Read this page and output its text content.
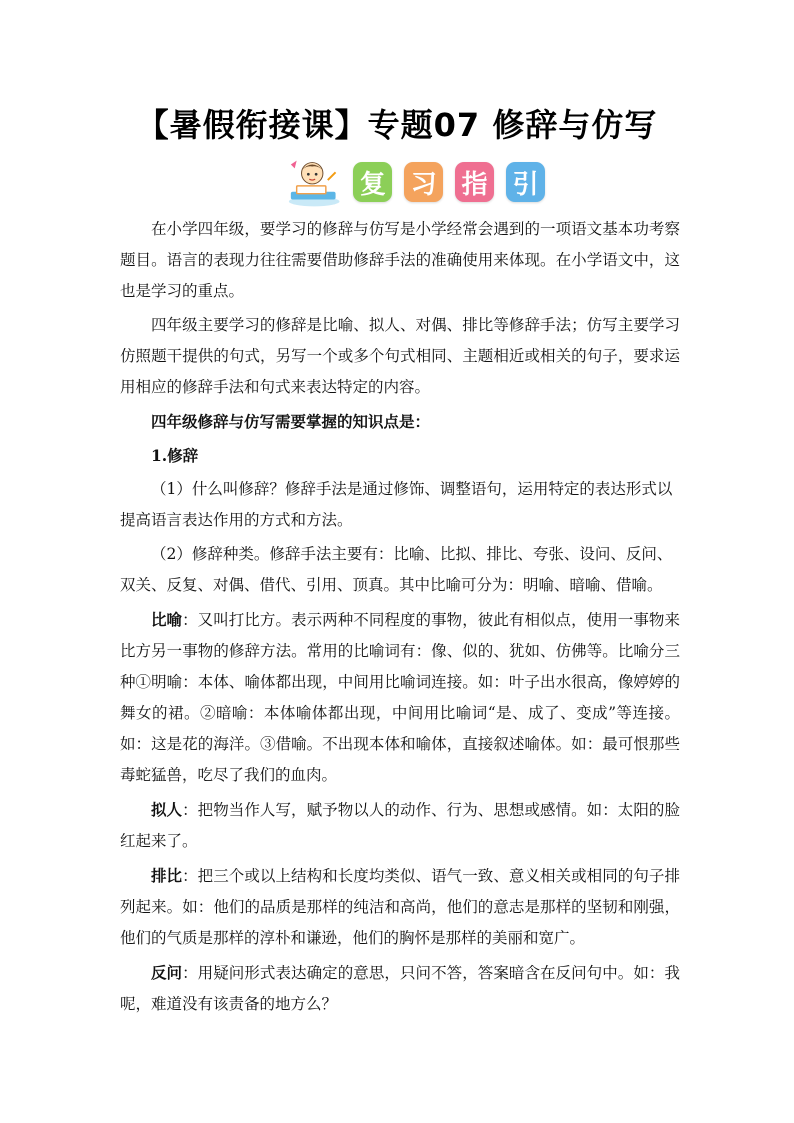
【暑假衔接课】专题07 修辞与仿写
复 习 指 引

在小学四年级，要学习的修辞与仿写是小学经常会遇到的一项语文基本功考察题目。语言的表现力往往需要借助修辞手法的准确使用来体现。在小学语文中，这也是学习的重点。

四年级主要学习的修辞是比喻、拟人、对偶、排比等修辞手法；仿写主要学习仿照题干提供的句式，另写一个或多个句式相同、主题相近或相关的句子，要求运用相应的修辞手法和句式来表达特定的内容。

四年级修辞与仿写需要掌握的知识点是：

1.修辞

（1）什么叫修辞？修辞手法是通过修饰、调整语句，运用特定的表达形式以提高语言表达作用的方式和方法。

（2）修辞种类。修辞手法主要有：比喻、比拟、排比、夸张、设问、反问、双关、反复、对偶、借代、引用、顶真。其中比喻可分为：明喻、暗喻、借喻。

比喻：又叫打比方。表示两种不同程度的事物，彼此有相似点，使用一事物来比方另一事物的修辞方法。常用的比喻词有：像、似的、犹如、仿佛等。比喻分三种①明喻：本体、喻体都出现，中间用比喻词连接。如：叶子出水很高，像婷婷的舞女的裙。②暗喻：本体喻体都出现，中间用比喻词“是、成了、变成”等连接。如：这是花的海洋。③借喻。不出现本体和喻体，直接叙述喻体。如：最可恨那些毒蛇猛兽，吃尽了我们的血肉。

拟人：把物当作人写，赋予物以人的动作、行为、思想或感情。如：太阳的脸红起来了。

排比：把三个或以上结构和长度均类似、语气一致、意义相关或相同的句子排列起来。如：他们的品质是那样的纯洁和高尚，他们的意志是那样的坚韧和刚强，他们的气质是那样的淳朴和谦逊，他们的胸怀是那样的美丽和宽广。

反问：用疑问形式表达确定的意思，只问不答，答案暗含在反问句中。如：我呢，难道没有该责备的地方么？
